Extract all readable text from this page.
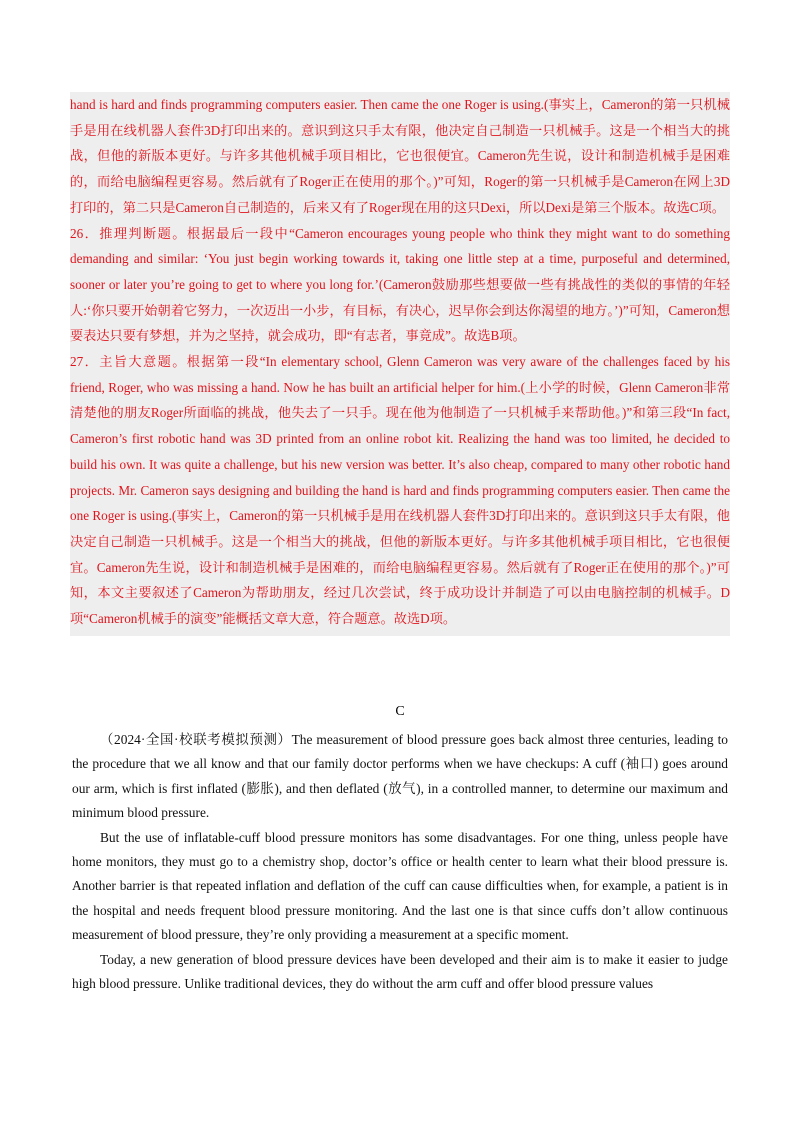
hand is hard and finds programming computers easier. Then came the one Roger is using.(事实上，Cameron的第一只机械手是用在线机器人套件3D打印出来的。意识到这只手太有限，他决定自己制造一只机械手。这是一个相当大的挑战，但他的新版本更好。与许多其他机械手项目相比，它也很便宜。Cameron先生说，设计和制造机械手是困难的，而给电脑编程更容易。然后就有了Roger正在使用的那个。)”可知，Roger的第一只机械手是Cameron在网上3D打印的，第二只是Cameron自己制造的，后来又有了Roger现在用的这只Dexi，所以Dexi是第三个版本。故选C项。

26．推理判断题。根据最后一段中“Cameron encourages young people who think they might want to do something demanding and similar: ‘You just begin working towards it, taking one little step at a time, purposeful and determined, sooner or later you’re going to get to where you long for.’(Cameron鼓励那些想要做一些有挑战性的类似的事情的年轻人:‘你只要开始朝着它努力，一次迈出一小步，有目标，有决心，迟早你会到达你渴望的地方。’)”可知，Cameron想要表达只要有梦想，并为之坚持，就会成功，即“有志者，事竟成”。故选B项。

27．主旨大意题。根据第一段“In elementary school, Glenn Cameron was very aware of the challenges faced by his friend, Roger, who was missing a hand. Now he has built an artificial helper for him.(上小学的时候，Glenn Cameron非常清楚他的朋友Roger所面临的挑战，他失去了一只手。现在他为他制造了一只机械手来帮助他。)”和第三段“In fact, Cameron’s first robotic hand was 3D printed from an online robot kit. Realizing the hand was too limited, he decided to build his own. It was quite a challenge, but his new version was better. It’s also cheap, compared to many other robotic hand projects. Mr. Cameron says designing and building the hand is hard and finds programming computers easier. Then came the one Roger is using.(事实上，Cameron的第一只机械手是用在线机器人套件3D打印出来的。意识到这只手太有限，他决定自己制造一只机械手。这是一个相当大的挑战，但他的新版本更好。与许多其他机械手项目相比，它也很便宜。Cameron先生说，设计和制造机械手是困难的，而给电脑编程更容易。然后就有了Roger正在使用的那个。)”可知，本文主要叙述了Cameron为帮助朋友，经过几次尝试，终于成功设计并制造了可以由电脑控制的机械手。D项“Cameron机械手的演变”能概括文章大意，符合题意。故选D项。

C

（2024·全国·校联考模拟预测）The measurement of blood pressure goes back almost three centuries, leading to the procedure that we all know and that our family doctor performs when we have checkups: A cuff (袖口) goes around our arm, which is first inflated (膨胀), and then deflated (放气), in a controlled manner, to determine our maximum and minimum blood pressure.

But the use of inflatable-cuff blood pressure monitors has some disadvantages. For one thing, unless people have home monitors, they must go to a chemistry shop, doctor’s office or health center to learn what their blood pressure is. Another barrier is that repeated inflation and deflation of the cuff can cause difficulties when, for example, a patient is in the hospital and needs frequent blood pressure monitoring. And the last one is that since cuffs don’t allow continuous measurement of blood pressure, they’re only providing a measurement at a specific moment.

Today, a new generation of blood pressure devices have been developed and their aim is to make it easier to judge high blood pressure. Unlike traditional devices, they do without the arm cuff and offer blood pressure values
